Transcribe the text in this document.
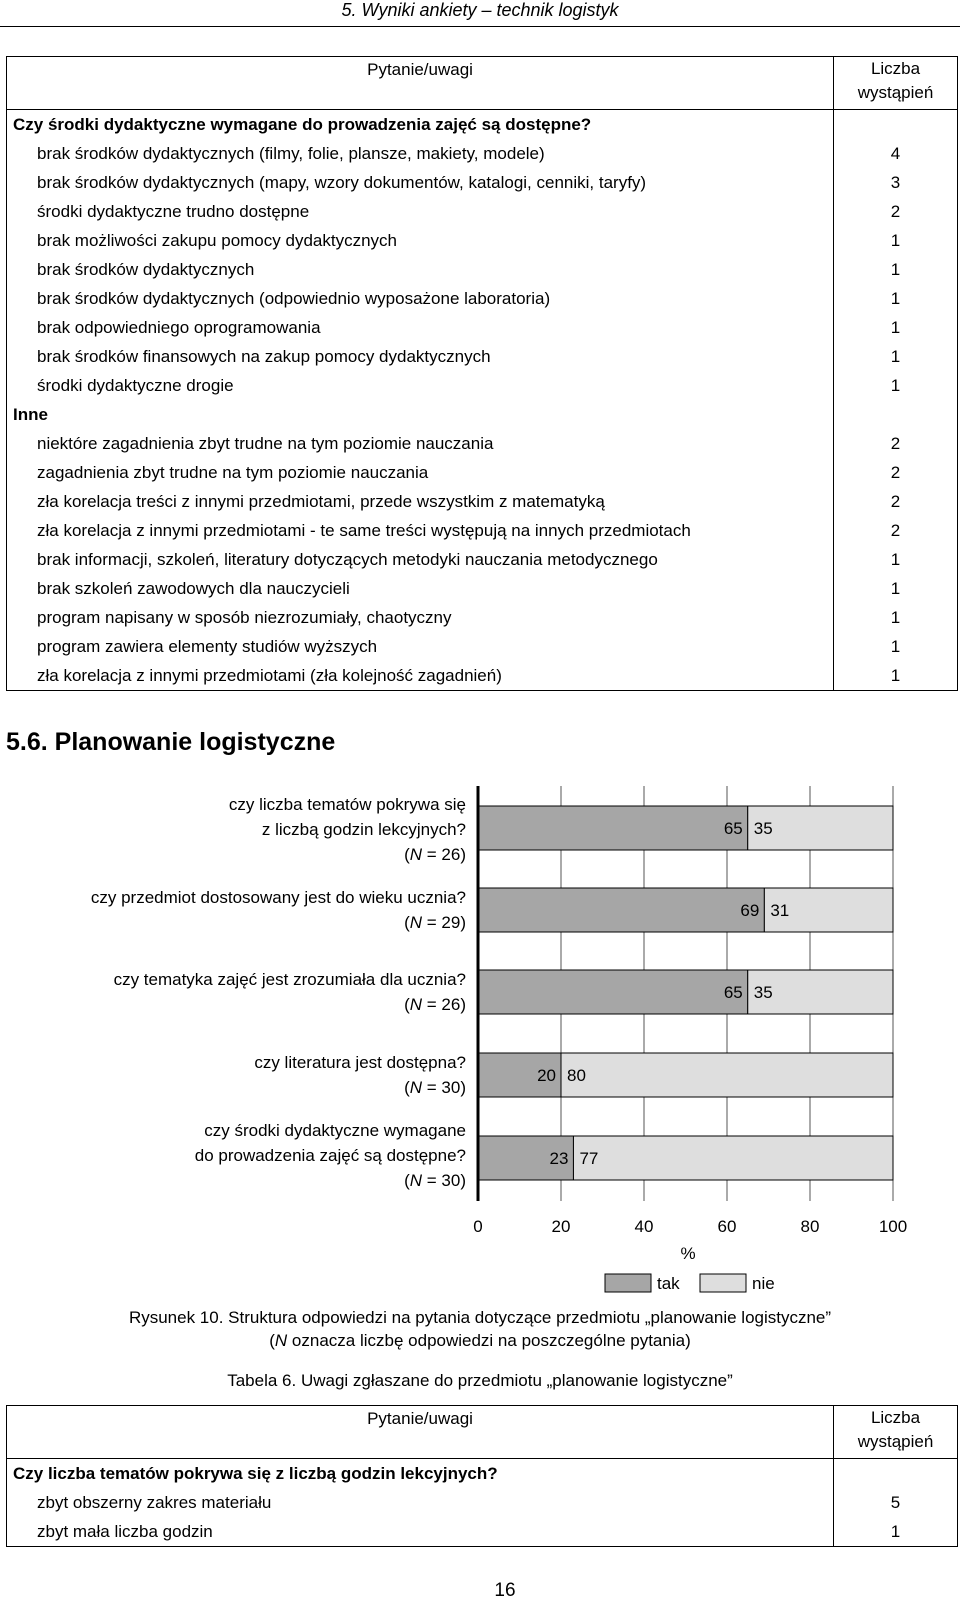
5. Wyniki ankiety – technik logistyk
Pytanie/uwagi	Liczba
wystąpień
Czy środki dydaktyczne wymagane do prowadzenia zajęć są dostępne?	
brak środków dydaktycznych (filmy, folie, plansze, makiety, modele)	4
brak środków dydaktycznych (mapy, wzory dokumentów, katalogi, cenniki, taryfy)	3
środki dydaktyczne trudno dostępne	2
brak możliwości zakupu pomocy dydaktycznych	1
brak środków dydaktycznych	1
brak środków dydaktycznych (odpowiednio wyposażone laboratoria)	1
brak odpowiedniego oprogramowania	1
brak środków finansowych na zakup pomocy dydaktycznych	1
środki dydaktyczne drogie	1
Inne	
niektóre zagadnienia zbyt trudne na tym poziomie nauczania	2
zagadnienia zbyt trudne na tym poziomie nauczania	2
zła korelacja treści z innymi przedmiotami, przede wszystkim z matematyką	2
zła korelacja z innymi przedmiotami - te same treści występują na innych przedmiotach	2
brak informacji, szkoleń, literatury dotyczących metodyki nauczania metodycznego	1
brak szkoleń zawodowych dla nauczycieli	1
program napisany w sposób niezrozumiały, chaotyczny	1
program zawiera elementy studiów wyższych	1
zła korelacja z innymi przedmiotami (zła kolejność zagadnień)	1
5.6. Planowanie logistyczne
czy liczba tematów pokrywa się
z liczbą godzin lekcyjnych?
(N = 26)
czy przedmiot dostosowany jest do wieku ucznia?
(N = 29)
czy tematyka zajęć jest zrozumiała dla ucznia?
(N = 26)
czy literatura jest dostępna?
(N = 30)
czy środki dydaktyczne wymagane
do prowadzenia zajęć są dostępne?
(N = 30)
0	20	40	60	80	100
65 35
69 31
65 35
20 80
23 77
%
tak	nie
Rysunek 10. Struktura odpowiedzi na pytania dotyczące przedmiotu „planowanie logistyczne”
(N oznacza liczbę odpowiedzi na poszczególne pytania)
Tabela 6. Uwagi zgłaszane do przedmiotu „planowanie logistyczne”
Pytanie/uwagi	Liczba
wystąpień
Czy liczba tematów pokrywa się z liczbą godzin lekcyjnych?	
zbyt obszerny zakres materiału	5
zbyt mała liczba godzin	1
16
